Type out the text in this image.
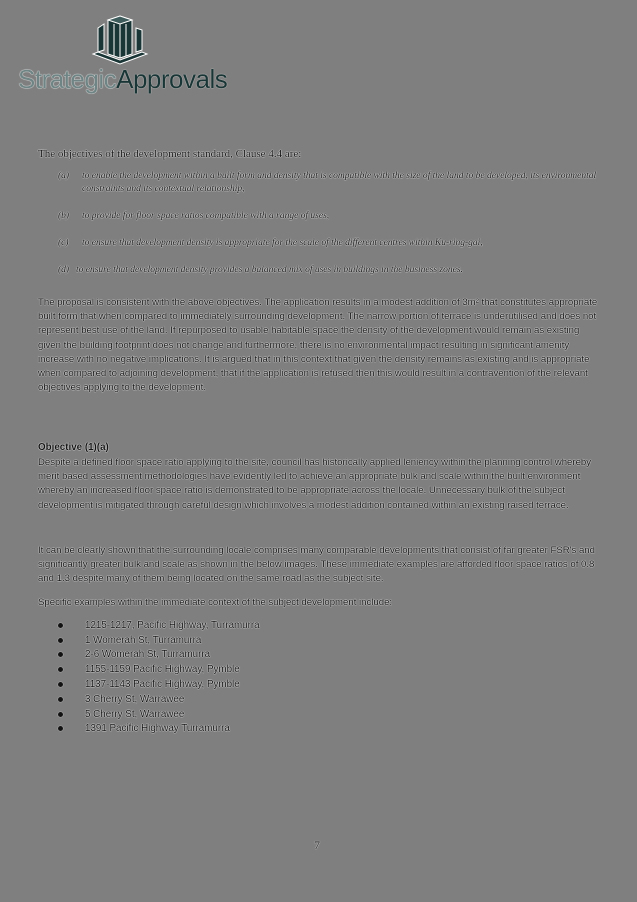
StrategicApprovals
The objectives of the development standard, Clause 4.4 are:
(a)	to enable the development within a built form and density that is compatible with the size of the land to be developed, its environmental constraints and its contextual relationship,
(b)	to provide for floor space ratios compatible with a range of uses,
(c)	to ensure that development density is appropriate for the scale of the different centres within Ku-ring-gai,
(d) to ensure that development density provides a balanced mix of uses in buildings in the business zones.

The proposal is consistent with the above objectives. The application results in a modest addition of 3m² that constitutes appropriate built form that when compared to immediately surrounding development. The narrow portion of terrace is underutilised and does not represent best use of the land. If repurposed to usable habitable space the density of the development would remain as existing given the building footprint does not change and furthermore, there is no environmental impact resulting in significant amenity increase with no negative implications. It is argued that in this context that given the density remains as existing and is appropriate when compared to adjoining development, that if the application is refused then this would result in a contravention of the relevant objectives applying to the development.

Objective (1)(a)

Despite a defined floor space ratio applying to the site, council has historically applied leniency within the planning control whereby merit based assessment methodologies have evidently led to achieve an appropriate bulk and scale within the built environment whereby an increased floor space ratio is demonstrated to be appropriate across the locale. Unnecessary bulk of the subject development is mitigated through careful design which involves a modest addition contained within an existing raised terrace.

It can be clearly shown that the surrounding locale comprises many comparable developments that consist of far greater FSR's and significantly greater bulk and scale as shown in the below images. These immediate examples are afforded floor space ratios of 0.8 and 1.3 despite many of them being located on the same road as the subject site.

Specific examples within the immediate context of the subject development include:

1215-1217, Pacific Highway, Turramurra
1 Womerah St, Turramurra
2-6 Womerah St, Turramurra
1155-1159 Pacific Highway, Pymble
1137-1143 Pacific Highway, Pymble
3 Cherry St, Warrawee
5 Cherry St, Warrawee
1391 Pacific Highway Turramurra
7
